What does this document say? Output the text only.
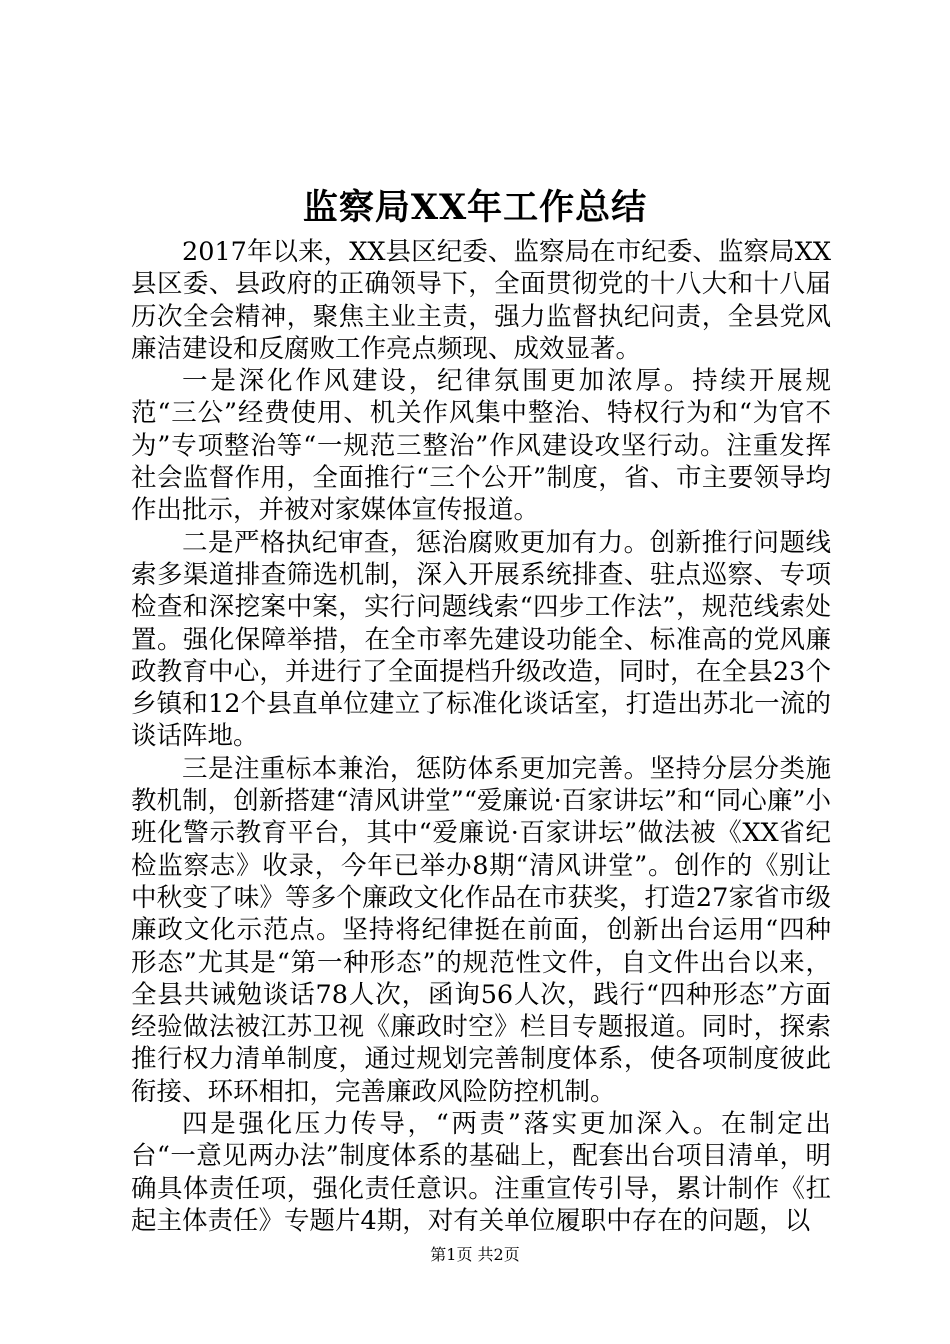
监察局XX年工作总结

2017年以来，XX县区纪委、监察局在市纪委、监察局XX县区委、县政府的正确领导下，全面贯彻党的十八大和十八届历次全会精神，聚焦主业主责，强力监督执纪问责，全县党风廉洁建设和反腐败工作亮点频现、成效显著。

一是深化作风建设，纪律氛围更加浓厚。持续开展规范“三公”经费使用、机关作风集中整治、特权行为和“为官不为”专项整治等“一规范三整治”作风建设攻坚行动。注重发挥社会监督作用，全面推行“三个公开”制度，省、市主要领导均作出批示，并被对家媒体宣传报道。

二是严格执纪审查，惩治腐败更加有力。创新推行问题线索多渠道排查筛选机制，深入开展系统排查、驻点巡察、专项检查和深挖案中案，实行问题线索“四步工作法”，规范线索处置。强化保障举措，在全市率先建设功能全、标准高的党风廉政教育中心，并进行了全面提档升级改造，同时，在全县23个乡镇和12个县直单位建立了标准化谈话室，打造出苏北一流的谈话阵地。

三是注重标本兼治，惩防体系更加完善。坚持分层分类施教机制，创新搭建“清风讲堂”“爱廉说·百家讲坛”和“同心廉”小班化警示教育平台，其中“爱廉说·百家讲坛”做法被《XX省纪检监察志》收录，今年已举办8期“清风讲堂”。创作的《别让中秋变了味》等多个廉政文化作品在市获奖，打造27家省市级廉政文化示范点。坚持将纪律挺在前面，创新出台运用“四种形态”尤其是“第一种形态”的规范性文件，自文件出台以来，全县共诫勉谈话78人次，函询56人次，践行“四种形态”方面经验做法被江苏卫视《廉政时空》栏目专题报道。同时，探索推行权力清单制度，通过规划完善制度体系，使各项制度彼此衔接、环环相扣，完善廉政风险防控机制。

四是强化压力传导，“两责”落实更加深入。在制定出台“一意见两办法”制度体系的基础上，配套出台项目清单，明确具体责任项，强化责任意识。注重宣传引导，累计制作《扛起主体责任》专题片4期，对有关单位履职中存在的问题，以

第1页 共2页
